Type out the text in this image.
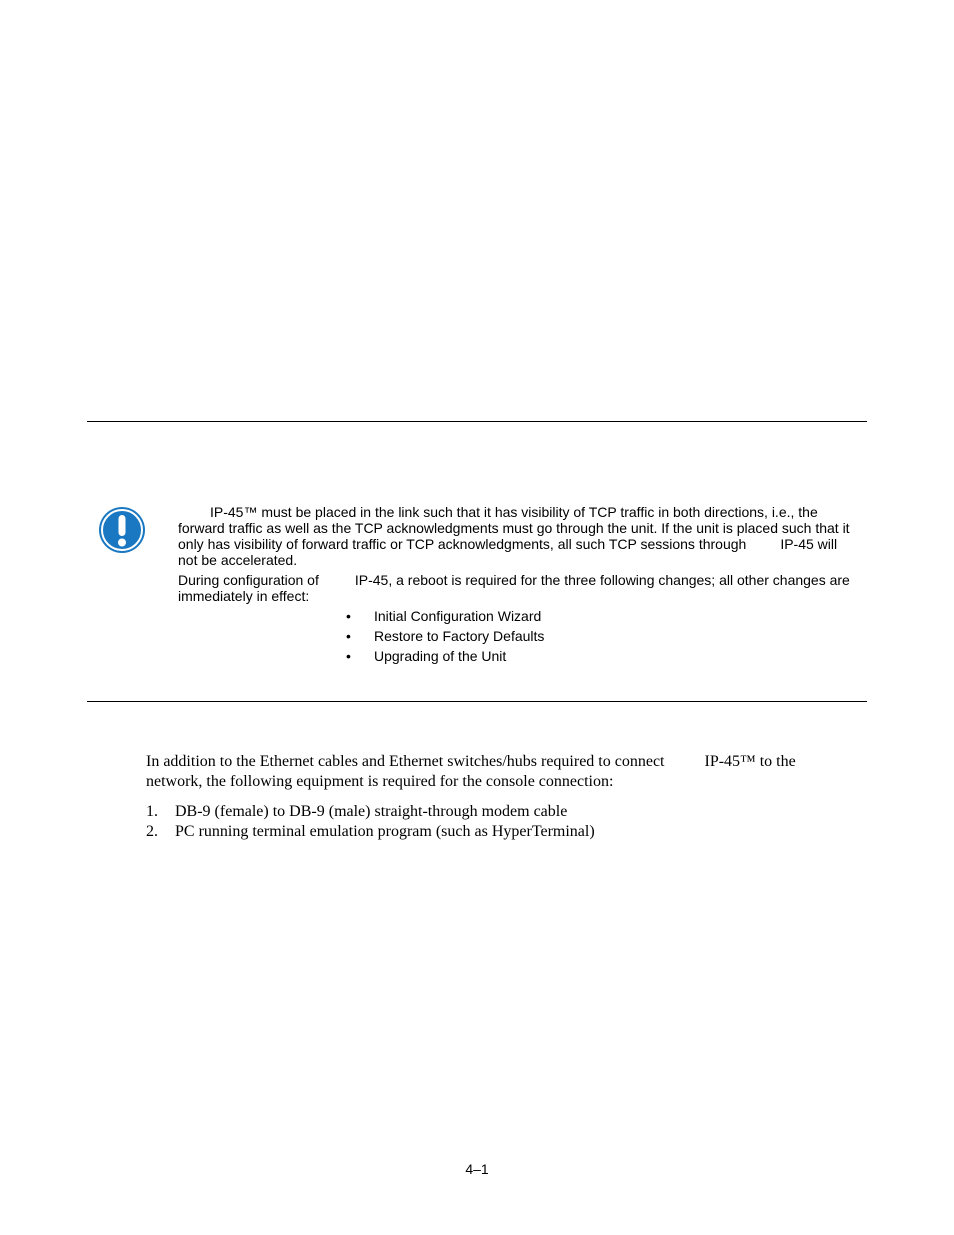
IP-45™ must be placed in the link such that it has visibility of TCP traffic in both directions, i.e., the forward traffic as well as the TCP acknowledgments must go through the unit. If the unit is placed such that it only has visibility of forward traffic or TCP acknowledgments, all such TCP sessions through IP-45 will not be accelerated.

During configuration of	IP-45, a reboot is required for the three following changes; all other changes are immediately in effect:

• Initial Configuration Wizard
• Restore to Factory Defaults
• Upgrading of the Unit

In addition to the Ethernet cables and Ethernet switches/hubs required to connect	IP-45™ to the network, the following equipment is required for the console connection:

1. DB-9 (female) to DB-9 (male) straight-through modem cable
2. PC running terminal emulation program (such as HyperTerminal)
4–1
